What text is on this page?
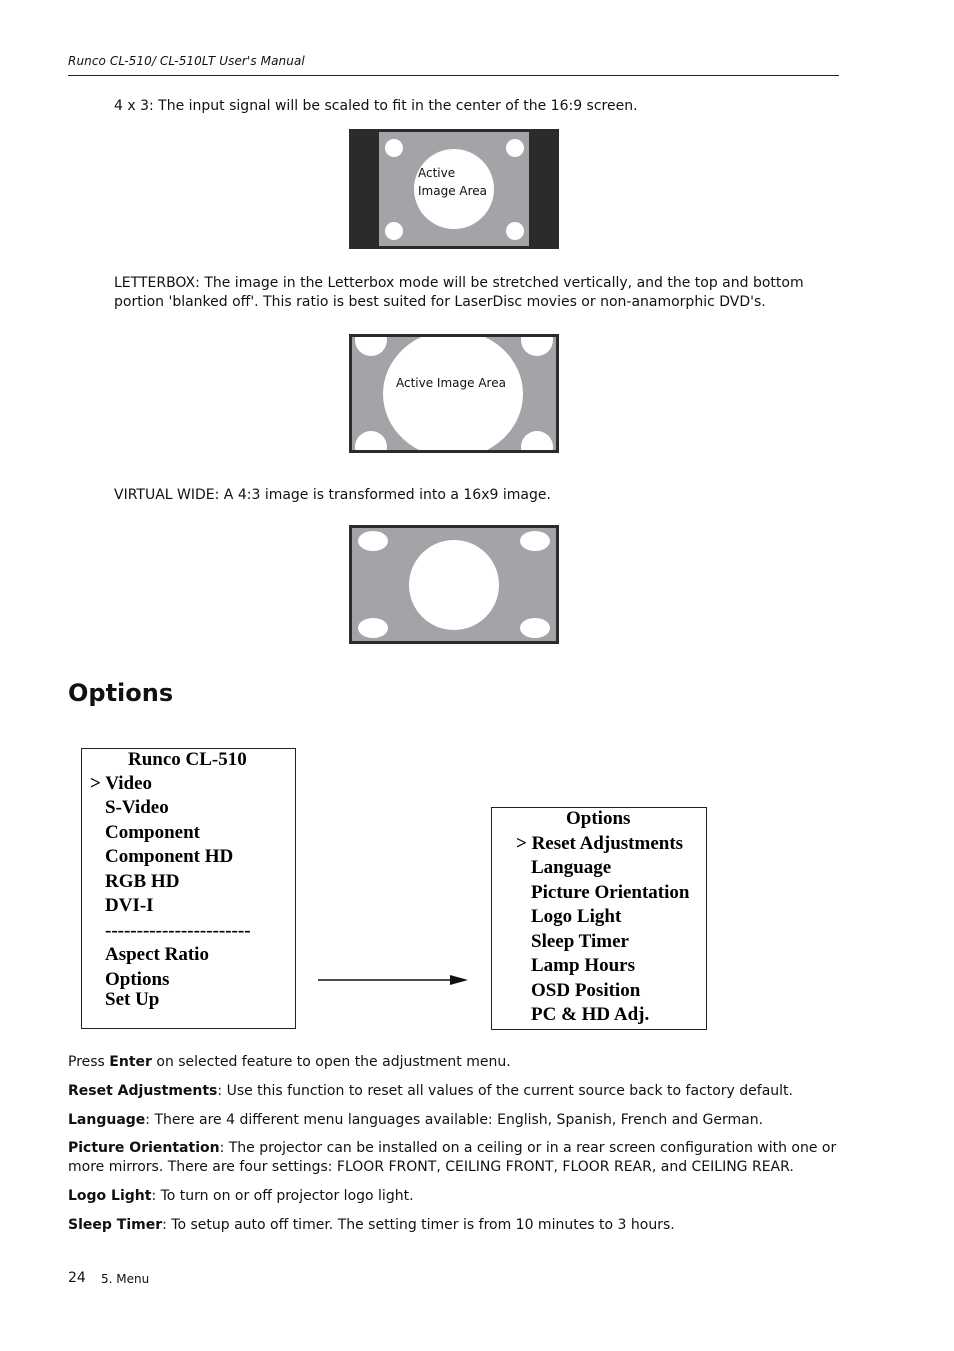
Runco CL-510/ CL-510LT User's Manual

4 x 3: The input signal will be scaled to fit in the center of the 16:9 screen.

Active
Image Area

LETTERBOX: The image in the Letterbox mode will be stretched vertically, and the top and bottom portion 'blanked off'. This ratio is best suited for LaserDisc movies or non-anamorphic DVD's.

Active Image Area

VIRTUAL WIDE: A 4:3 image is transformed into a 16x9 image.

Options
Runco CL-510
> Video
S-Video
Component
Component HD
RGB HD
DVI-I
-----------------------
Aspect Ratio
Options
Set Up
Options
> Reset Adjustments
Language
Picture Orientation
Logo Light
Sleep Timer
Lamp Hours
OSD Position
PC & HD Adj.

Press Enter on selected feature to open the adjustment menu.

Reset Adjustments: Use this function to reset all values of the current source back to factory default.

Language: There are 4 different menu languages available: English, Spanish, French and German.

Picture Orientation: The projector can be installed on a ceiling or in a rear screen configuration with one or more mirrors. There are four settings: FLOOR FRONT, CEILING FRONT, FLOOR REAR, and CEILING REAR.

Logo Light: To turn on or off projector logo light.

Sleep Timer: To setup auto off timer. The setting timer is from 10 minutes to 3 hours.

24 5. Menu
